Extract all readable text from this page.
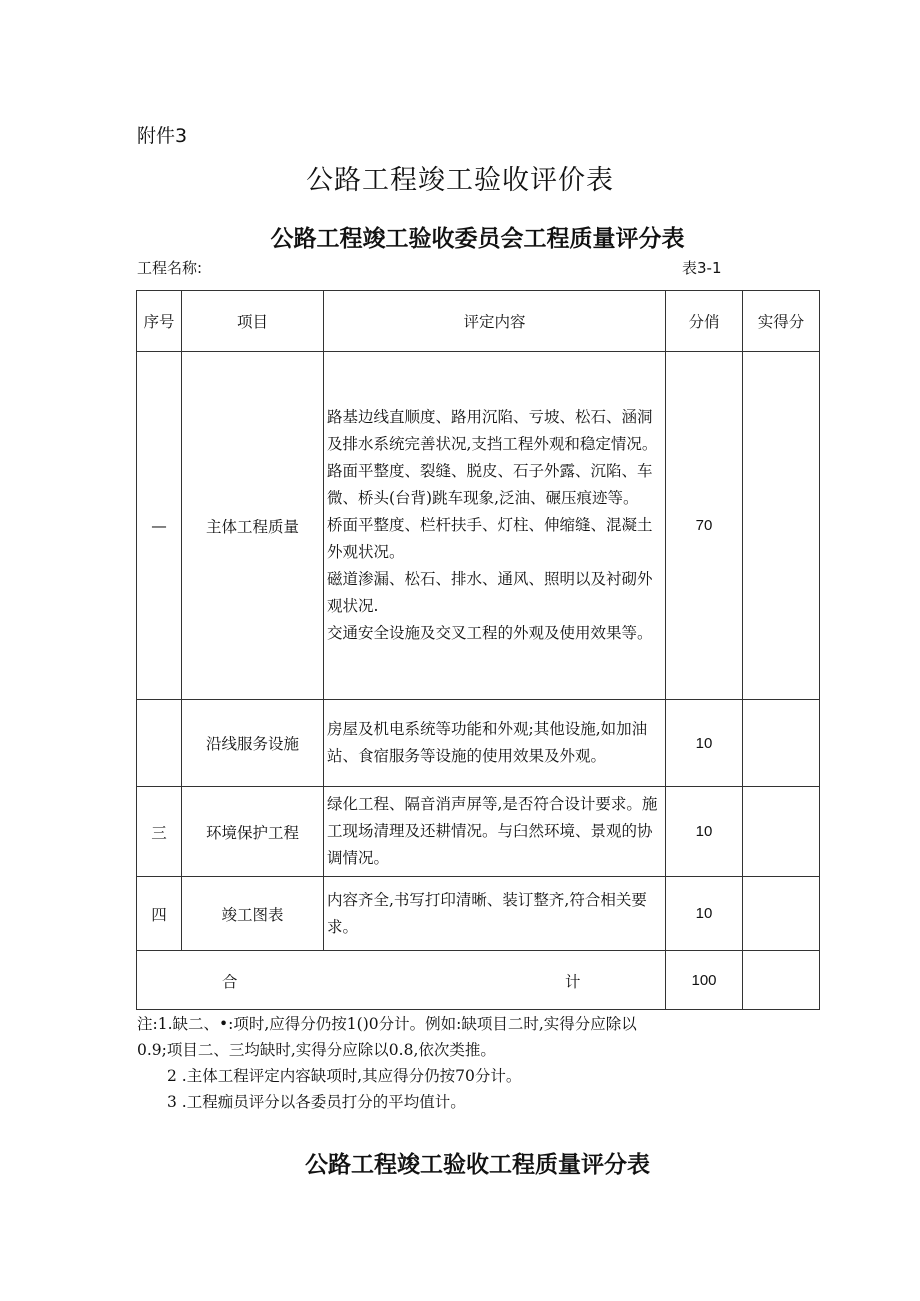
附件3
公路工程竣工验收评价表
公路工程竣工验收委员会工程质量评分表
工程名称:	表3-1
序号	项目	评定内容	分俏	实得分
—	主体工程质量	路基边线直顺度、路用沉陷、亏坡、松石、涵洞及排水系统完善状况,支挡工程外观和稳定情况。
路面平整度、裂缝、脱皮、石子外露、沉陷、车微、桥头(台背)跳车现象,泛油、碾压痕迹等。
桥面平整度、栏杆扶手、灯柱、伸缩缝、混凝土外观状况。
磁道渗漏、松石、排水、通风、照明以及衬砌外观状况.
交通安全设施及交叉工程的外观及使用效果等。	70	
	沿线服务设施	房屋及机电系统等功能和外观;其他设施,如加油站、食宿服务等设施的使用效果及外观。	10	
三	环境保护工程	绿化工程、隔音消声屏等,是否符合设计要求。施工现场清理及还耕情况。与臼然环境、景观的协调情况。	10	
四	竣工图表	内容齐全,书写打印清晰、装订整齐,符合相关要求。	10	

合 计			100	
注:1.缺二、•:项时,应得分仍按1()0分计。例如:缺项目二时,实得分应除以
0.9;项目二、三均缺时,实得分应除以0.8,依次类推。
2 .主体工程评定内容缺项时,其应得分仍按70分计。
3 .工程痂员评分以各委员打分的平均值计。
公路工程竣工验收工程质量评分表
